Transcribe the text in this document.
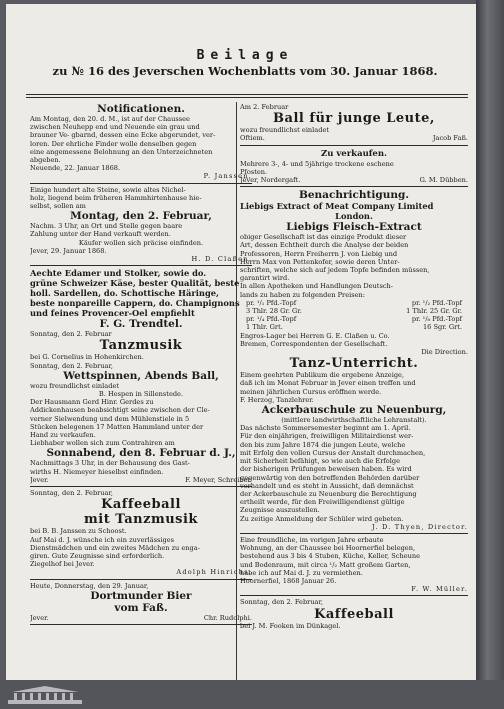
Beilage
zu № 16 des Jeverschen Wochenblatts vom 30. Januar 1868.
Notificationen.
Am Montag, den 20. d. M., ist auf der Chaussee
zwischen Neuhepp end und Neuende ein grau und
brauner Ve- gbarnd, dessen eine Ecke abgerundet, ver-
loren. Der ehrliche Finder wolle denselben gegen
eine angemessene Belohnung an den Unterzeichneten
abgeben.
Neuende, 22. Januar 1868.
P. Janssen.
Einige hundert alte Steine, sowie altes Nichel-
holz, liegend beim früheren Hammhirtenhause hie-
selbst, sollen am
Montag, den 2. Februar,
Nachm. 3 Uhr, an Ort und Stelle gegen baare
Zahlung unter der Hand verkauft werden.
Käufer wollen sich präcise einfinden.
Jever, 29. Januar 1868.
H. D. Claßen.
Aechte Edamer und Stolker, sowie do.
grüne Schweizer Käse, bester Qualität, beste
holl. Sardellen, do. Schottische Häringe,
beste nonpareille Cappern, do. Champignons
und feines Provencer-Oel empfiehlt
F. G. Trendtel.
Sonntag, den 2. Februar
Tanzmusik
bei G. Cornelius in Hohenkirchen.
Sonntag, den 2. Februar,
Wettspinnen, Abends Ball,
wozu freundlichst einladet
B. Hespen in Sillenstede.
Der Hausmann Gerd Hinr. Gerdes zu
Addickenhausen beabsichtigt seine zwischen der Cle-
verner Sielwendung und dem Mühlenstiele in 5
Stücken belegenen 17 Matten Hammland unter der
Hand zu verkaufen.
Liebhaber wollen sich zum Contrahiren am
Sonnabend, den 8. Februar d. J.,
Nachmittags 3 Uhr, in der Behausung des Gast-
wirths H. Niemeyer hieselbst einfinden.
Jever.	F. Meyer, Schreiber.
Sonntag, den 2. Februar,
Kaffeeball
mit Tanzmusik
bei B. B. Janssen zu Schoost.
Auf Mai d. J. wünsche ich ein zuverlässiges
Dienstmädchen und ein zweites Mädchen zu enga-
giren. Gute Zeugnisse sind erforderlich.
Ziegelhof bei Jever.
Adolph Hinrichs.
Heute, Donnerstag, den 29. Januar,
Dortmunder Bier
vom Faß.
Jever.	Chr. Rudolphi.
Am 2. Februar
Ball für junge Leute,
wozu freundlichst einladet
Oftiem.	Jacob Faß.
Zu verkaufen.
Mehrere 3-, 4- und 5jährige trockene eschene
Pfosten.
Jever, Nordergaft.	G. M. Dübben.
Benachrichtigung.
Liebigs Extract of Meat Company Limited
London.
Liebigs Fleisch-Extract
obiger Gesellschaft ist das einzige Produkt dieser
Art, dessen Echtheit durch die Analyse der beiden
Professoren, Herrn Freiherrn J. von Liebig und
Herrn Max von Pettenkofer, sowie deren Unter-
schriften, welche sich auf jedem Topfe befinden müssen,
garantirt wird.
In allen Apotheken und Handlungen Deutsch-
lands zu haben zu folgenden Preisen:
pr. ¹/₁ Pfd.-Topf	pr. ¹/₂ Pfd.-Topf
3 Thlr. 28 Gr. Gr.	1 Thlr. 25 Gr. Gr.
pr. ¹/₄ Pfd.-Topf	pr. ¹/₈ Pfd.-Topf
1 Thlr. Grt.	16 Sgr. Grt.
Engros-Lager bei Herren G. E. Claßen u. Co.
Bremen, Correspondenten der Gesellschaft.
Die Direction.
Tanz-Unterricht.
Einem geehrten Publikum die ergebene Anzeige,
daß ich im Monat Februar in Jever einen treffen und
meinen jährlichen Cursus eröffnen werde.
F. Herzog, Tanzlehrer.
Ackerbauschule zu Neuenburg,
(mittlere landwirthschaftliche Lehranstalt).
Das nächste Sommersemester beginnt am 1. April.
Für den einjährigen, freiwilligen Militairdienst wer-
den bis zum Jahre 1874 die jungen Leute, welche
mit Erfolg den vollen Cursus der Anstalt durchmachen,
mit Sicherheit befähigt, so wie auch die Erfolge
der bisherigen Prüfungen beweisen haben. Es wird
gegenwärtig von den betreffenden Behörden darüber
verhandelt und es steht in Aussicht, daß demnächst
der Ackerbauschule zu Neuenburg die Berechtigung
ertheilt werde, für den Freiwilligendienst gültige
Zeugnisse auszustellen.
Zu zeitige Anmeldung der Schüler wird gebeten.
J. D. Thyen, Director.
Eine freundliche, im vorigen Jahre erbaute
Wohnung, an der Chaussee bei Hoornerfiel belegen,
bestehend aus 3 bis 4 Stuben, Küche, Keller, Scheune
und Bodenraum, mit circa ¹/₂ Matt großem Garten,
habe ich auf Mai d. J. zu vermiethen.
Hoornerfiel, 1868 Januar 26.
F. W. Müller.
Sonntag, den 2. Februar,
Kaffeeball
bei J. M. Fooken im Dünkagel.
